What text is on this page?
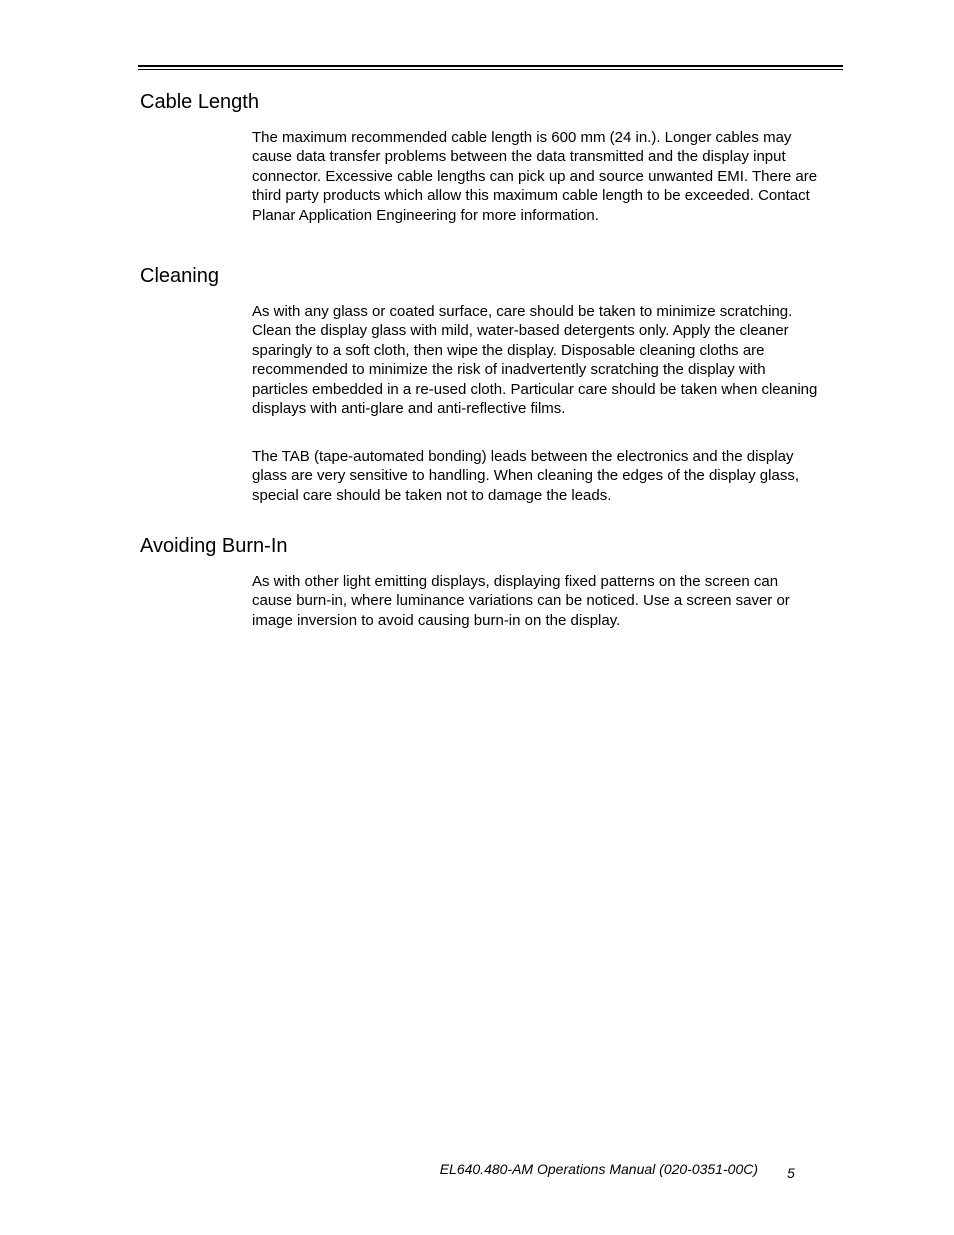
Cable Length

The maximum recommended cable length is 600 mm (24 in.). Longer cables may cause data transfer problems between the data transmitted and the display input connector. Excessive cable lengths can pick up and source unwanted EMI. There are third party products which allow this maximum cable length to be exceeded. Contact Planar Application Engineering for more information.

Cleaning

As with any glass or coated surface, care should be taken to minimize scratching. Clean the display glass with mild, water-based detergents only. Apply the cleaner sparingly to a soft cloth, then wipe the display. Disposable cleaning cloths are recommended to minimize the risk of inadvertently scratching the display with particles embedded in a re-used cloth. Particular care should be taken when cleaning displays with anti-glare and anti-reflective films.

The TAB (tape-automated bonding) leads between the electronics and the display glass are very sensitive to handling. When cleaning the edges of the display glass, special care should be taken not to damage the leads.

Avoiding Burn-In

As with other light emitting displays, displaying fixed patterns on the screen can cause burn-in, where luminance variations can be noticed. Use a screen saver or image inversion to avoid causing burn-in on the display.

EL640.480-AM Operations Manual (020-0351-00C) 5
